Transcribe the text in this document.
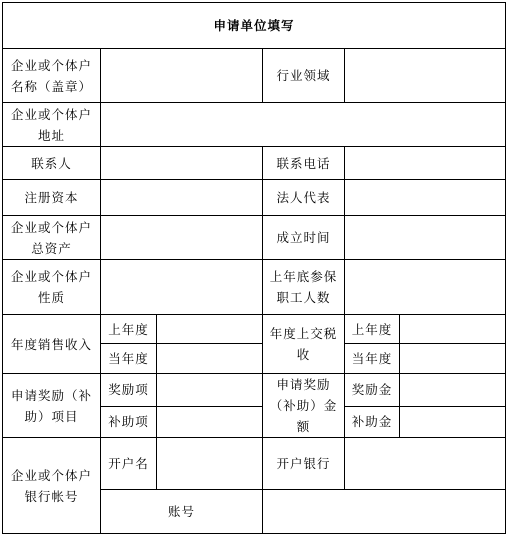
申请单位填写					
企业或个体户名称（盖章）			行业领域		
企业或个体户地址					
联系人			联系电话		
注册资本			法人代表		
企业或个体户总资产			成立时间		
企业或个体户性质			上年底参保职工人数		
年度销售收入	上年度		年度上交税收	上年度	
	当年度			当年度	
申请奖励（补助）项目	奖励项		申请奖励（补助）金额	奖励金	
	补助项			补助金	
企业或个体户银行帐号	开户名		开户银行		
	账号				
